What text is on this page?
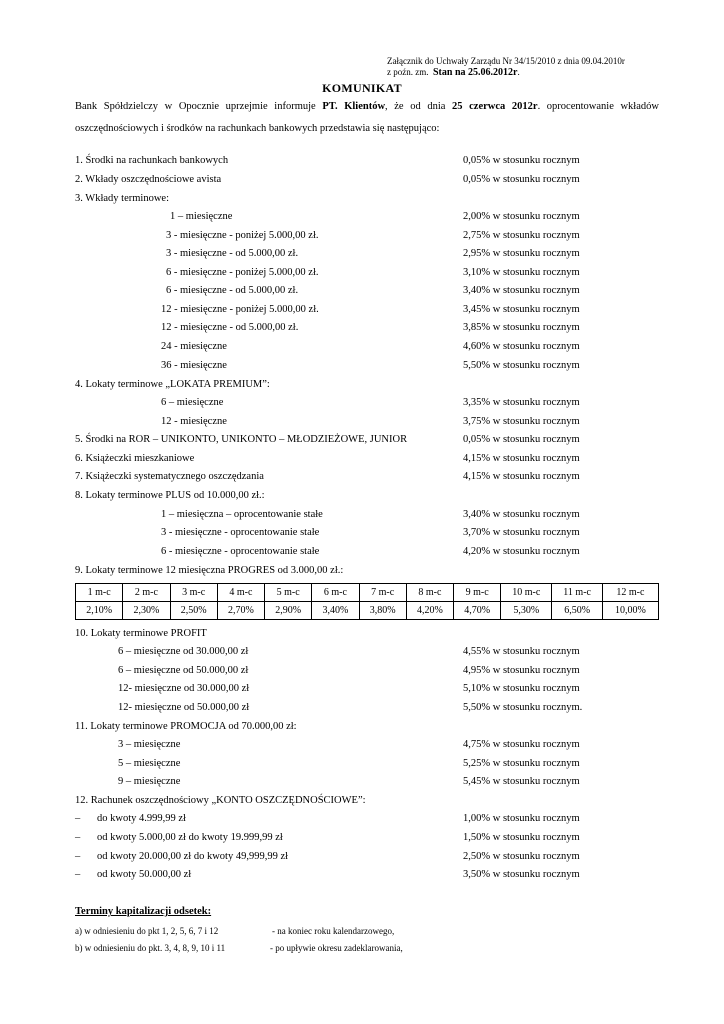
Załącznik do Uchwały Zarządu Nr 34/15/2010 z dnia 09.04.2010r
z poźn. zm. Stan na 25.06.2012r.
KOMUNIKAT
Bank Spółdzielczy w Opocznie uprzejmie informuje PT. Klientów, że od dnia 25 czerwca 2012r. oprocentowanie wkładów
oszczędnościowych i środków na rachunkach bankowych przedstawia się następująco:
1. Środki na rachunkach bankowych	0,05% w stosunku rocznym
2. Wkłady oszczędnościowe avista	0,05% w stosunku rocznym
3. Wkłady terminowe:
1 – miesięczne	2,00% w stosunku rocznym
3 - miesięczne - poniżej 5.000,00 zł.	2,75% w stosunku rocznym
3 - miesięczne - od 5.000,00 zł.	2,95% w stosunku rocznym
6 - miesięczne - poniżej 5.000,00 zł.	3,10% w stosunku rocznym
6 - miesięczne - od 5.000,00 zł.	3,40% w stosunku rocznym
12 - miesięczne - poniżej 5.000,00 zł.	3,45% w stosunku rocznym
12 - miesięczne - od 5.000,00 zł.	3,85% w stosunku rocznym
24 - miesięczne	4,60% w stosunku rocznym
36 - miesięczne	5,50% w stosunku rocznym
4. Lokaty terminowe „LOKATA PREMIUM”:
6 – miesięczne	3,35% w stosunku rocznym
12 - miesięczne	3,75% w stosunku rocznym
5. Środki na ROR – UNIKONTO, UNIKONTO – MŁODZIEŻOWE, JUNIOR	0,05% w stosunku rocznym
6. Książeczki mieszkaniowe	4,15% w stosunku rocznym
7. Książeczki systematycznego oszczędzania	4,15% w stosunku rocznym
8. Lokaty terminowe PLUS od 10.000,00 zł.:
1 – miesięczna – oprocentowanie stałe	3,40% w stosunku rocznym
3 - miesięczne - oprocentowanie stałe	3,70% w stosunku rocznym
6 - miesięczne - oprocentowanie stałe	4,20% w stosunku rocznym
9. Lokaty terminowe 12 miesięczna PROGRES od 3.000,00 zł.:
1 m-c	2 m-c	3 m-c	4 m-c	5 m-c	6 m-c	7 m-c	8 m-c	9 m-c	10 m-c	11 m-c	12 m-c
2,10%	2,30%	2,50%	2,70%	2,90%	3,40%	3,80%	4,20%	4,70%	5,30%	6,50%	10,00%
10. Lokaty terminowe PROFIT
6 – miesięczne od 30.000,00 zł	4,55% w stosunku rocznym
6 – miesięczne od 50.000,00 zł	4,95% w stosunku rocznym
12- miesięczne od 30.000,00 zł	5,10% w stosunku rocznym
12- miesięczne od 50.000,00 zł	5,50% w stosunku rocznym.
11. Lokaty terminowe PROMOCJA od 70.000,00 zł:
3 – miesięczne	4,75% w stosunku rocznym
5 – miesięczne	5,25% w stosunku rocznym
9 – miesięczne	5,45% w stosunku rocznym
12. Rachunek oszczędnościowy „KONTO OSZCZĘDNOŚCIOWE”:
– do kwoty 4.999,99 zł	1,00% w stosunku rocznym
– od kwoty 5.000,00 zł do kwoty 19.999,99 zł	1,50% w stosunku rocznym
– od kwoty 20.000,00 zł do kwoty 49,999,99 zł	2,50% w stosunku rocznym
– od kwoty 50.000,00 zł	3,50% w stosunku rocznym
Terminy kapitalizacji odsetek:
a) w odniesieniu do pkt 1, 2, 5, 6, 7 i 12	- na koniec roku kalendarzowego,
b) w odniesieniu do pkt. 3, 4, 8, 9, 10 i 11	- po upływie okresu zadeklarowania,
